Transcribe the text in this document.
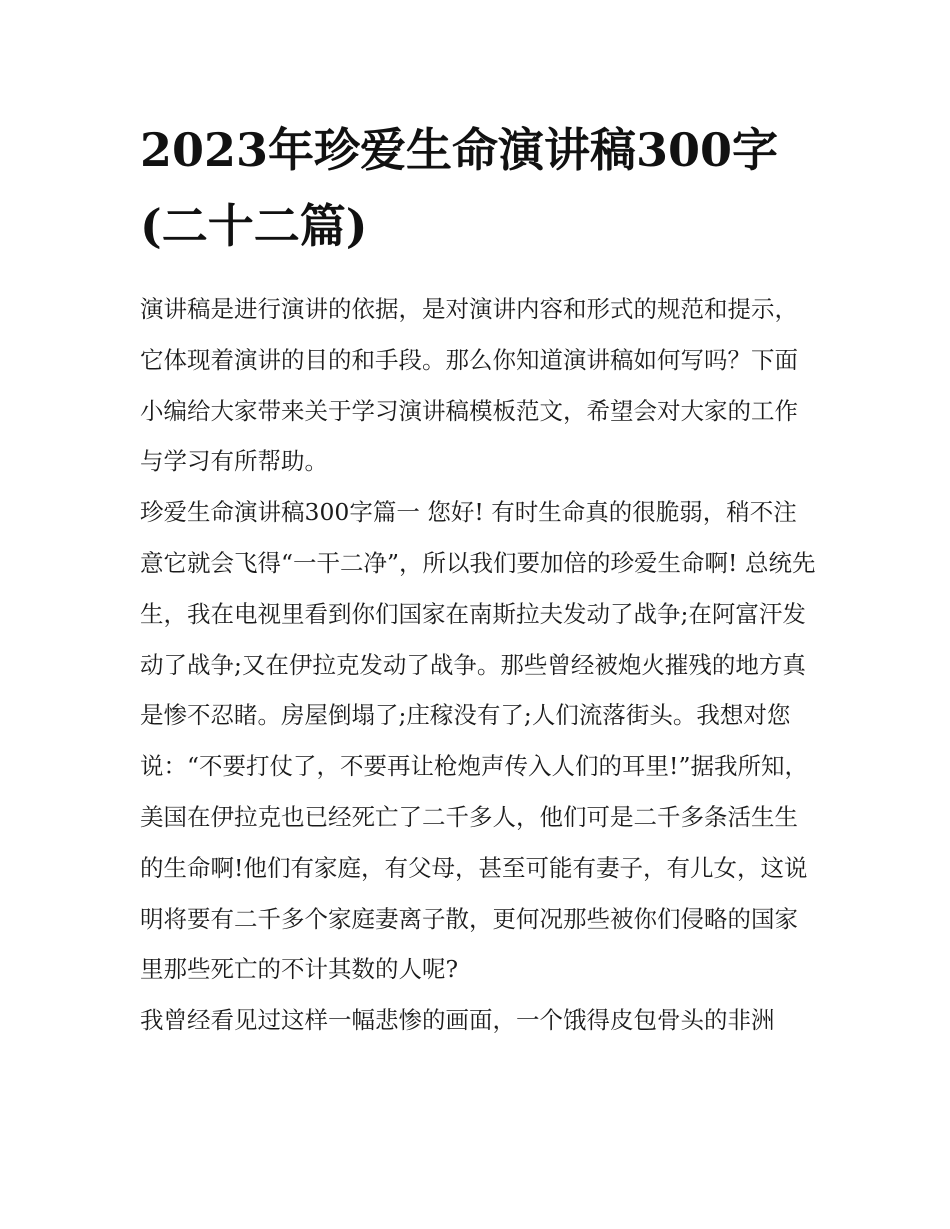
2023年珍爱生命演讲稿300字(二十二篇)

演讲稿是进行演讲的依据，是对演讲内容和形式的规范和提示，它体现着演讲的目的和手段。那么你知道演讲稿如何写吗？下面小编给大家带来关于学习演讲稿模板范文，希望会对大家的工作与学习有所帮助。

珍爱生命演讲稿300字篇一 您好! 有时生命真的很脆弱，稍不注意它就会飞得“一干二净”，所以我们要加倍的珍爱生命啊! 总统先生，我在电视里看到你们国家在南斯拉夫发动了战争;在阿富汗发动了战争;又在伊拉克发动了战争。那些曾经被炮火摧残的地方真是惨不忍睹。房屋倒塌了;庄稼没有了;人们流落街头。我想对您说：“不要打仗了，不要再让枪炮声传入人们的耳里!”据我所知，美国在伊拉克也已经死亡了二千多人，他们可是二千多条活生生的生命啊!他们有家庭，有父母，甚至可能有妻子，有儿女，这说明将要有二千多个家庭妻离子散，更何况那些被你们侵略的国家里那些死亡的不计其数的人呢?

我曾经看见过这样一幅悲惨的画面，一个饿得皮包骨头的非洲
